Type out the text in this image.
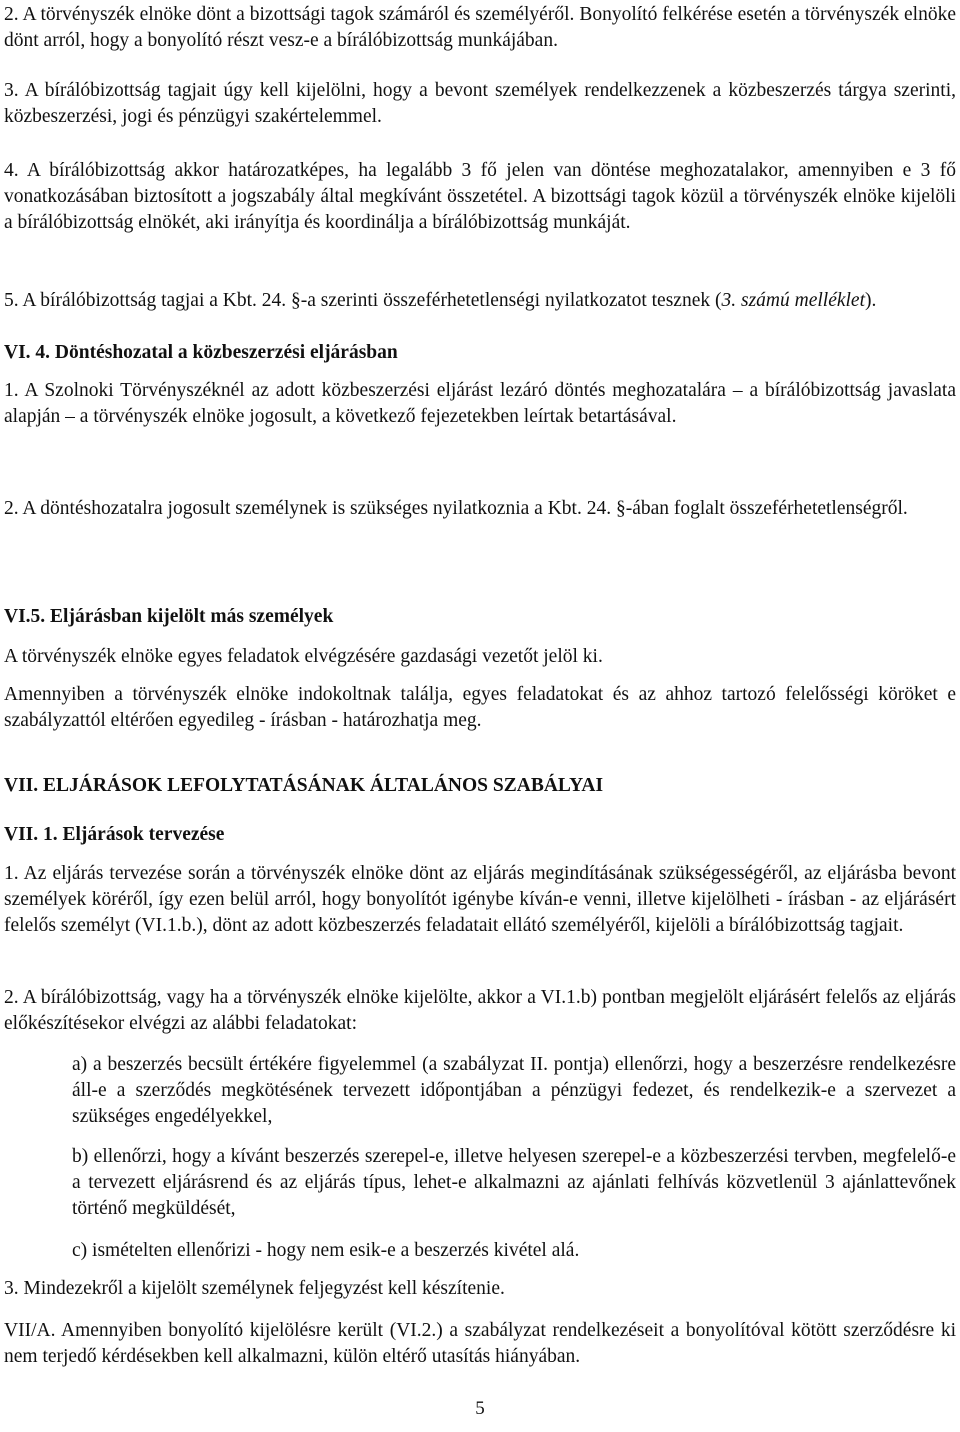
2. A törvényszék elnöke dönt a bizottsági tagok számáról és személyéről. Bonyolító felkérése esetén a törvényszék elnöke dönt arról, hogy a bonyolító részt vesz-e a bírálóbizottság munkájában.

3. A bírálóbizottság tagjait úgy kell kijelölni, hogy a bevont személyek rendelkezzenek a közbeszerzés tárgya szerinti, közbeszerzési, jogi és pénzügyi szakértelemmel.

4. A bírálóbizottság akkor határozatképes, ha legalább 3 fő jelen van döntése meghozatalakor, amennyiben e 3 fő vonatkozásában biztosított a jogszabály által megkívánt összetétel. A bizottsági tagok közül a törvényszék elnöke kijelöli a bírálóbizottság elnökét, aki irányítja és koordinálja a bírálóbizottság munkáját.

5. A bírálóbizottság tagjai a Kbt. 24. §-a szerinti összeférhetetlenségi nyilatkozatot tesznek (3. számú melléklet).

VI. 4. Döntéshozatal a közbeszerzési eljárásban

1. A Szolnoki Törvényszéknél az adott közbeszerzési eljárást lezáró döntés meghozatalára – a bírálóbizottság javaslata alapján – a törvényszék elnöke jogosult, a következő fejezetekben leírtak betartásával.

2. A döntéshozatalra jogosult személynek is szükséges nyilatkoznia a Kbt. 24. §-ában foglalt összeférhetetlenségről.

VI.5. Eljárásban kijelölt más személyek

A törvényszék elnöke egyes feladatok elvégzésére gazdasági vezetőt jelöl ki.

Amennyiben a törvényszék elnöke indokoltnak találja, egyes feladatokat és az ahhoz tartozó felelősségi köröket e szabályzattól eltérően egyedileg - írásban - határozhatja meg.

VII. ELJÁRÁSOK LEFOLYTATÁSÁNAK ÁLTALÁNOS SZABÁLYAI

VII. 1. Eljárások tervezése

1. Az eljárás tervezése során a törvényszék elnöke dönt az eljárás megindításának szükségességéről, az eljárásba bevont személyek köréről, így ezen belül arról, hogy bonyolítót igénybe kíván-e venni, illetve kijelölheti - írásban - az eljárásért felelős személyt (VI.1.b.), dönt az adott közbeszerzés feladatait ellátó személyéről, kijelöli a bírálóbizottság tagjait.

2. A bírálóbizottság, vagy ha a törvényszék elnöke kijelölte, akkor a VI.1.b) pontban megjelölt eljárásért felelős az eljárás előkészítésekor elvégzi az alábbi feladatokat:

a) a beszerzés becsült értékére figyelemmel (a szabályzat II. pontja) ellenőrzi, hogy a beszerzésre rendelkezésre áll-e a szerződés megkötésének tervezett időpontjában a pénzügyi fedezet, és rendelkezik-e a szervezet a szükséges engedélyekkel,

b) ellenőrzi, hogy a kívánt beszerzés szerepel-e, illetve helyesen szerepel-e a közbeszerzési tervben, megfelelő-e a tervezett eljárásrend és az eljárás típus, lehet-e alkalmazni az ajánlati felhívás közvetlenül 3 ajánlattevőnek történő megküldését,

c) ismételten ellenőrizi - hogy nem esik-e a beszerzés kivétel alá.

3. Mindezekről a kijelölt személynek feljegyzést kell készítenie.

VII/A. Amennyiben bonyolító kijelölésre került (VI.2.) a szabályzat rendelkezéseit a bonyolítóval kötött szerződésre ki nem terjedő kérdésekben kell alkalmazni, külön eltérő utasítás hiányában.

5
